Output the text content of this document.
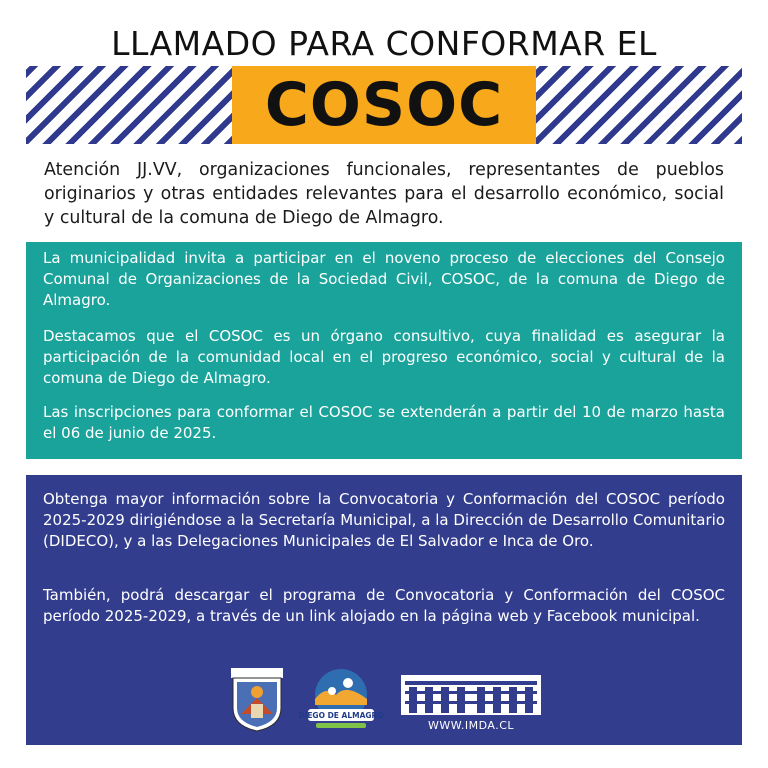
LLAMADO PARA CONFORMAR EL
COSOC

Atención JJ.VV, organizaciones funcionales, representantes de pueblos originarios y otras entidades relevantes para el desarrollo económico, social y cultural de la comuna de Diego de Almagro.

La municipalidad invita a participar en el noveno proceso de elecciones del Consejo Comunal de Organizaciones de la Sociedad Civil, COSOC, de la comuna de Diego de Almagro.

Destacamos que el COSOC es un órgano consultivo, cuya finalidad es asegurar la participación de la comunidad local en el progreso económico, social y cultural de la comuna de Diego de Almagro.

Las inscripciones para conformar el COSOC se extenderán a partir del 10 de marzo hasta el 06 de junio de 2025.

Obtenga mayor información sobre la Convocatoria y Conformación del COSOC período 2025-2029 dirigiéndose a la Secretaría Municipal, a la Dirección de Desarrollo Comunitario (DIDECO), y a las Delegaciones Municipales de El Salvador e Inca de Oro.

También, podrá descargar el programa de Convocatoria y Conformación del COSOC período 2025-2029, a través de un link alojado en la página web y Facebook municipal.

DIEGO DE ALMAGRO
WWW.IMDA.CL
